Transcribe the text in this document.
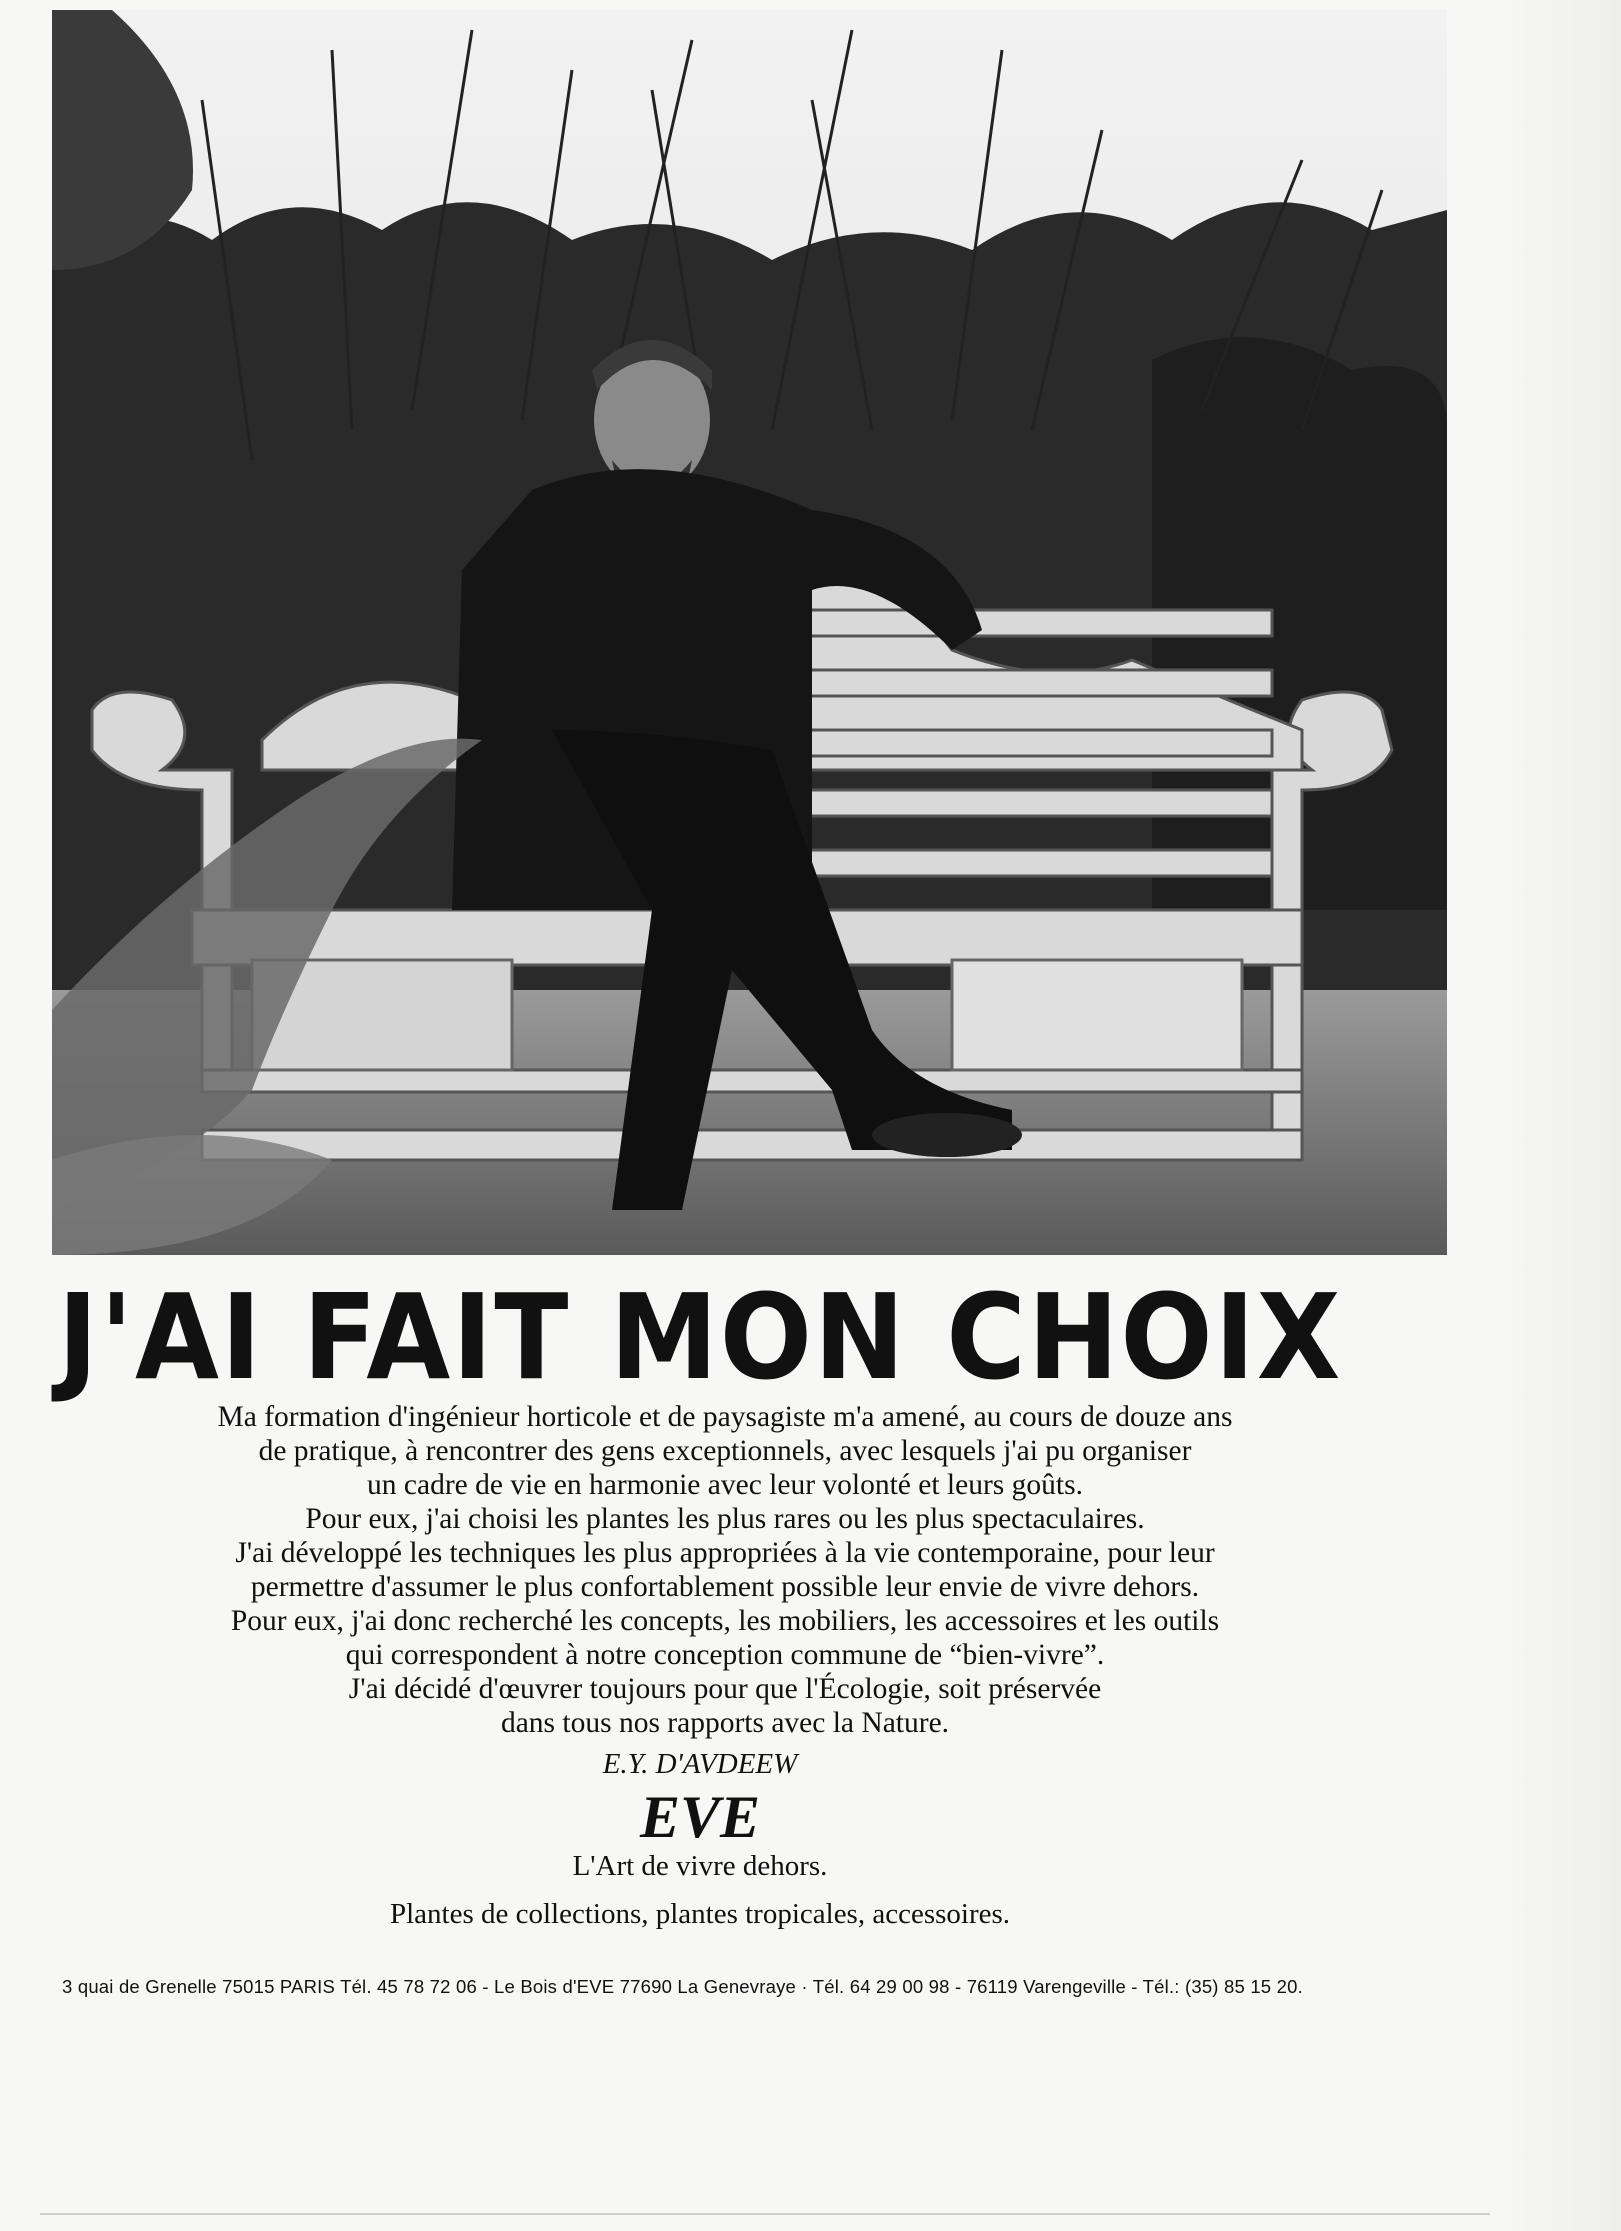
J'AI FAIT MON CHOIX
Ma formation d'ingénieur horticole et de paysagiste m'a amené, au cours de douze ans
de pratique, à rencontrer des gens exceptionnels, avec lesquels j'ai pu organiser
un cadre de vie en harmonie avec leur volonté et leurs goûts.
Pour eux, j'ai choisi les plantes les plus rares ou les plus spectaculaires.
J'ai développé les techniques les plus appropriées à la vie contemporaine, pour leur
permettre d'assumer le plus confortablement possible leur envie de vivre dehors.
Pour eux, j'ai donc recherché les concepts, les mobiliers, les accessoires et les outils
qui correspondent à notre conception commune de “bien-vivre”.
J'ai décidé d'œuvrer toujours pour que l'Écologie, soit préservée
dans tous nos rapports avec la Nature.
E.Y. D'AVDEEW
EVE
L'Art de vivre dehors.
Plantes de collections, plantes tropicales, accessoires.
3 quai de Grenelle 75015 PARIS Tél. 45 78 72 06 - Le Bois d'EVE 77690 La Genevraye · Tél. 64 29 00 98 - 76119 Varengeville - Tél.: (35) 85 15 20.
